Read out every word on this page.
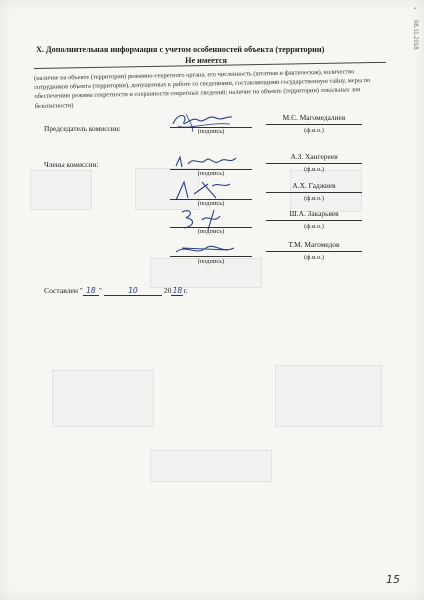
▪
08.11.2018
X. Дополнительная информация с учетом особенностей объекта (территории)
Не имеется
(наличие на объекте (территории) режимно-секретного органа, его численность (штатная и фактическая), количество сотрудников объекта (территории), допущенных к работе со сведениями, составляющими государственную тайну, меры по обеспечению режима секретности и сохранности секретных сведений; наличие на объекте (территории) локальных зон безопасности)
Председатель комиссии:	(подпись)
М.С. Магомедалиев
(ф.и.о.)
Члены комиссии:
(подпись)
А.З. Хангереев
(ф.и.о.)
(подпись)
А.Х. Гаджиев
(ф.и.о.)
(подпись)
Ш.А. Закарьяев
(ф.и.о.)
(подпись)
Т.М. Магомедов
(ф.и.о.)
Составлен " 18 "	10	2018г.
15
